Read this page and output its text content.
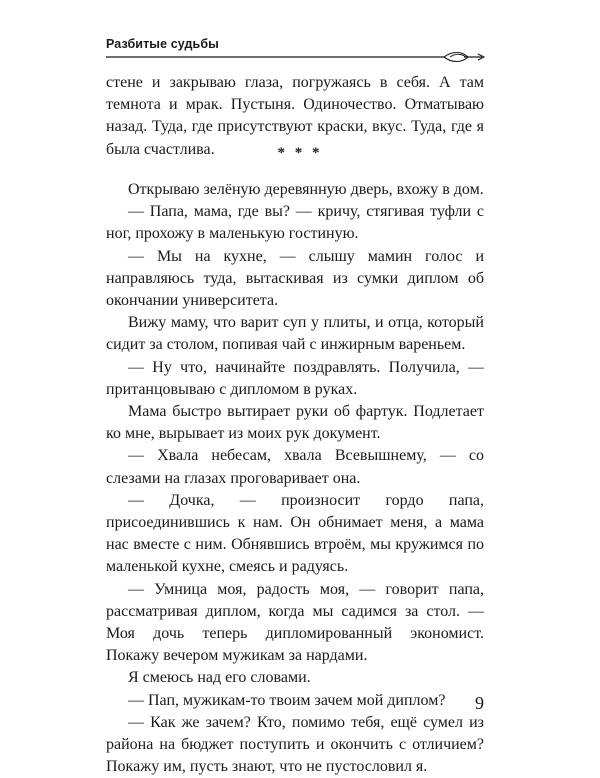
Разбитые судьбы

стене и закрываю глаза, погружаясь в себя. А там темнота и мрак. Пустыня. Одиночество. Отматываю назад. Туда, где присутствуют краски, вкус. Туда, где я была счастлива.	* * *

Открываю зелёную деревянную дверь, вхожу в дом.

— Папа, мама, где вы? — кричу, стягивая туфли с ног, прохожу в маленькую гостиную.

— Мы на кухне, — слышу мамин голос и направляюсь туда, вытаскивая из сумки диплом об окончании университета.

Вижу маму, что варит суп у плиты, и отца, который сидит за столом, попивая чай с инжирным вареньем.

— Ну что, начинайте поздравлять. Получила, — пританцовываю с дипломом в руках.

Мама быстро вытирает руки об фартук. Подлетает ко мне, вырывает из моих рук документ.

— Хвала небесам, хвала Всевышнему, — со слезами на глазах проговаривает она.

— Дочка, — произносит гордо папа, присоединившись к нам. Он обнимает меня, а мама нас вместе с ним. Обнявшись втроём, мы кружимся по маленькой кухне, смеясь и радуясь.

— Умница моя, радость моя, — говорит папа, рассматривая диплом, когда мы садимся за стол. — Моя дочь теперь дипломированный экономист. Покажу вечером мужикам за нардами.

Я смеюсь над его словами.

— Пап, мужикам-то твоим зачем мой диплом?

— Как же зачем? Кто, помимо тебя, ещё сумел из района на бюджет поступить и окончить с отличием? Покажу им, пусть знают, что не пустословил я.

9
